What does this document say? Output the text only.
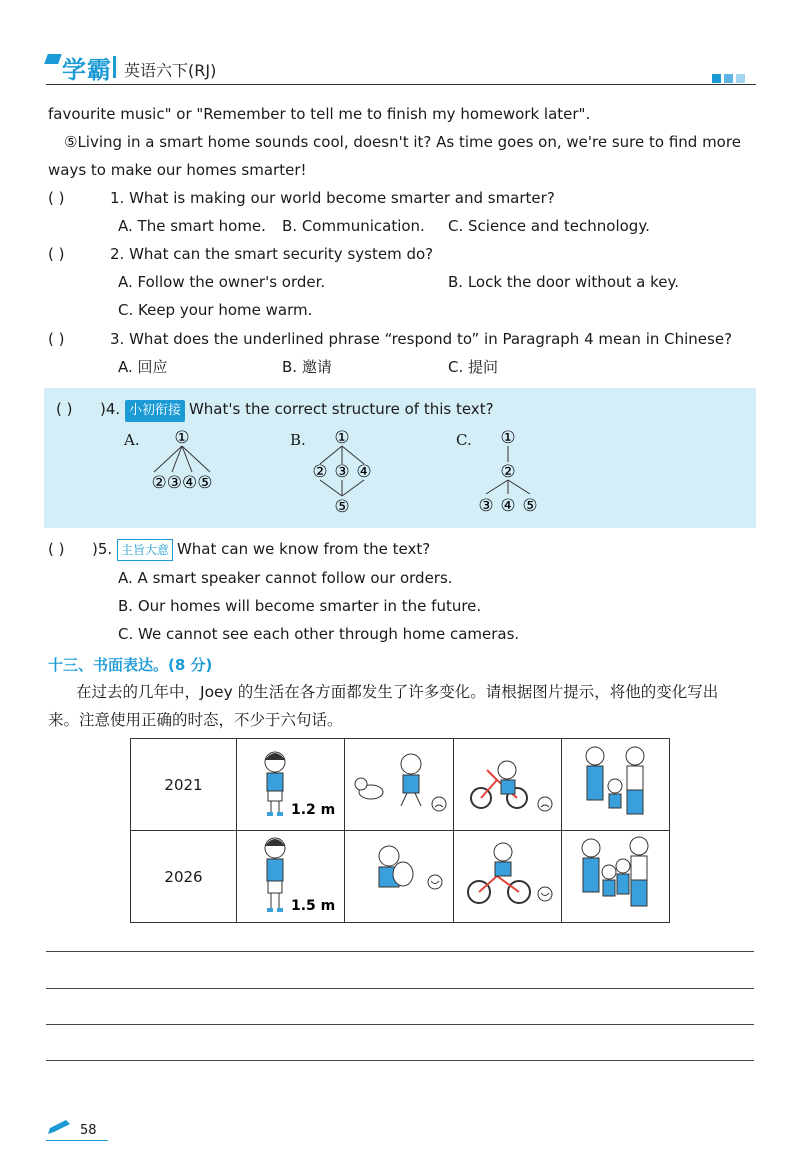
学霸 英语六下(RJ)
favourite music" or "Remember to tell me to finish my homework later".
⑤Living in a smart home sounds cool, doesn't it? As time goes on, we're sure to find more
ways to make our homes smarter!
( )	1. What is making our world become smarter and smarter?
A. The smart home. B. Communication. C. Science and technology.
( )	2. What can the smart security system do?
A. Follow the owner's order.	B. Lock the door without a key.
C. Keep your home warm.
( )	3. What does the underlined phrase “respond to” in Paragraph 4 mean in Chinese?
A. 回应	B. 邀请	C. 提问
( ) )4. 小初衔接 What's the correct structure of this text?
A.	B.	C.
①
②③④⑤
①
② ③ ④
⑤
①
②
③ ④ ⑤
( ) )5. 主旨大意 What can we know from the text?
A. A smart speaker cannot follow our orders.
B. Our homes will become smarter in the future.
C. We cannot see each other through home cameras.
十三、书面表达。(8 分)
在过去的几年中，Joey 的生活在各方面都发生了许多变化。请根据图片提示，将他的变化写出
来。注意使用正确的时态，不少于六句话。
2021	1.2 m

2026	1.5 m

58
